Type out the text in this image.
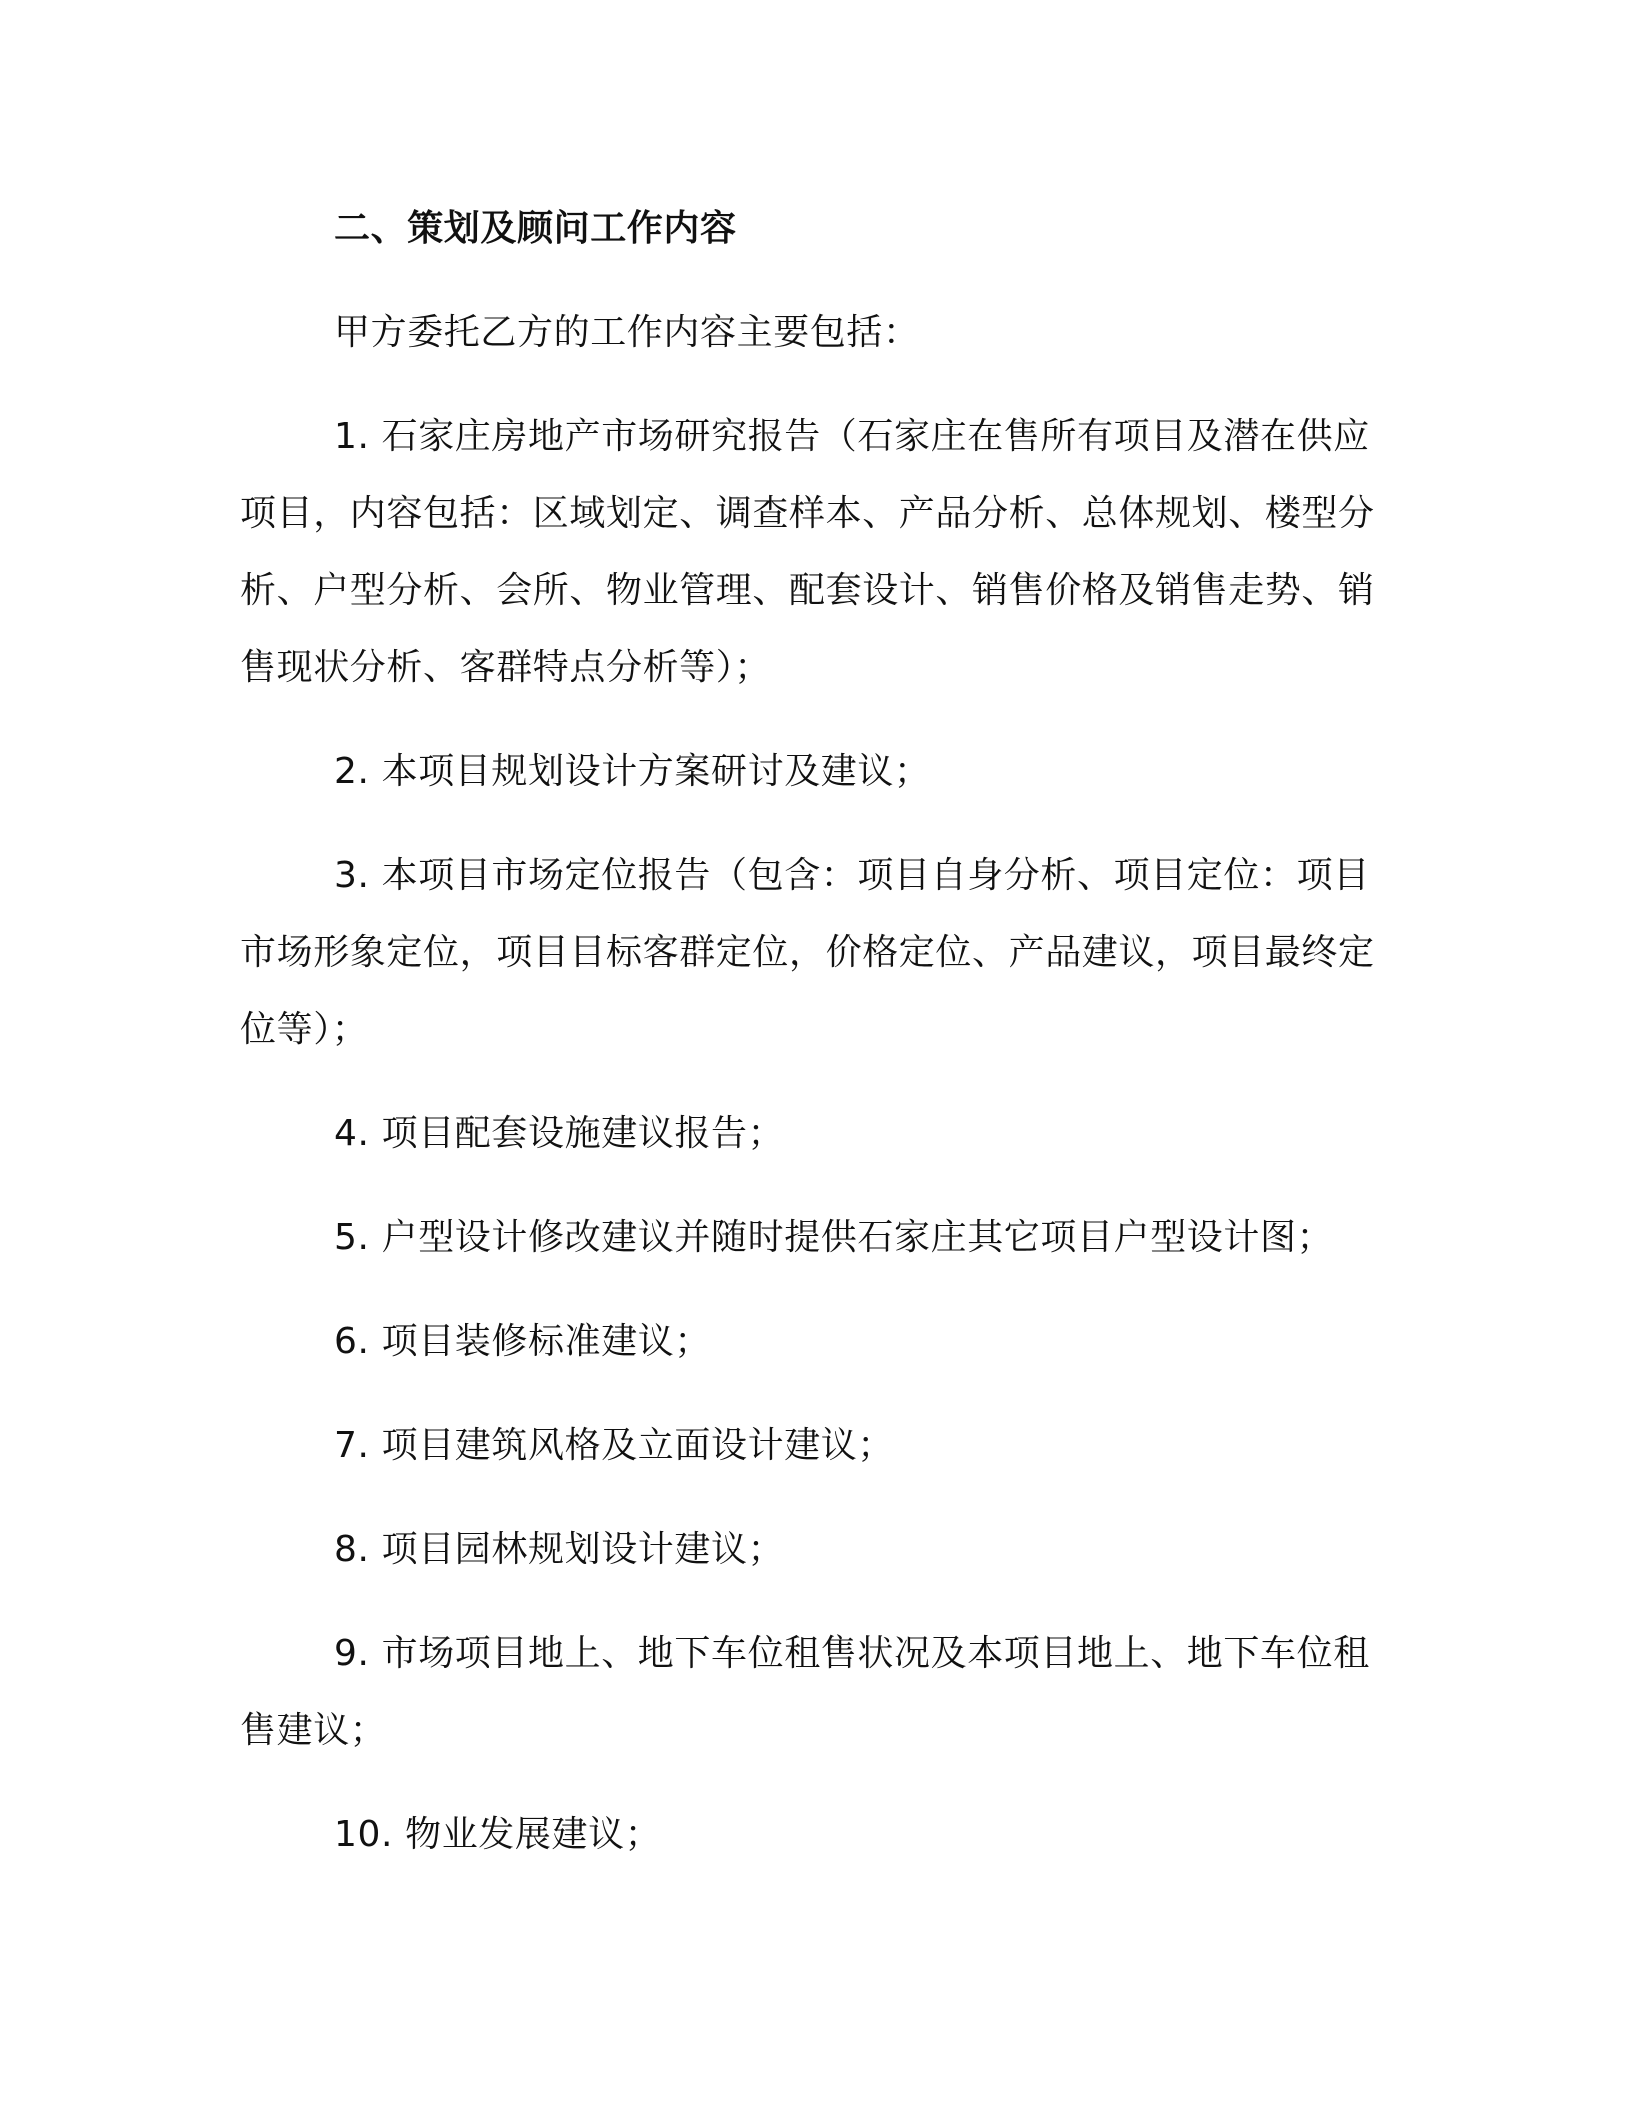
二、策划及顾问工作内容

甲方委托乙方的工作内容主要包括：

1. 石家庄房地产市场研究报告（石家庄在售所有项目及潜在供应项目，内容包括：区域划定、调查样本、产品分析、总体规划、楼型分析、户型分析、会所、物业管理、配套设计、销售价格及销售走势、销售现状分析、客群特点分析等）；

2. 本项目规划设计方案研讨及建议；

3. 本项目市场定位报告（包含：项目自身分析、项目定位：项目市场形象定位，项目目标客群定位，价格定位、产品建议，项目最终定位等）；

4. 项目配套设施建议报告；

5. 户型设计修改建议并随时提供石家庄其它项目户型设计图；

6. 项目装修标准建议；

7. 项目建筑风格及立面设计建议；

8. 项目园林规划设计建议；

9. 市场项目地上、地下车位租售状况及本项目地上、地下车位租售建议；

10. 物业发展建议；
